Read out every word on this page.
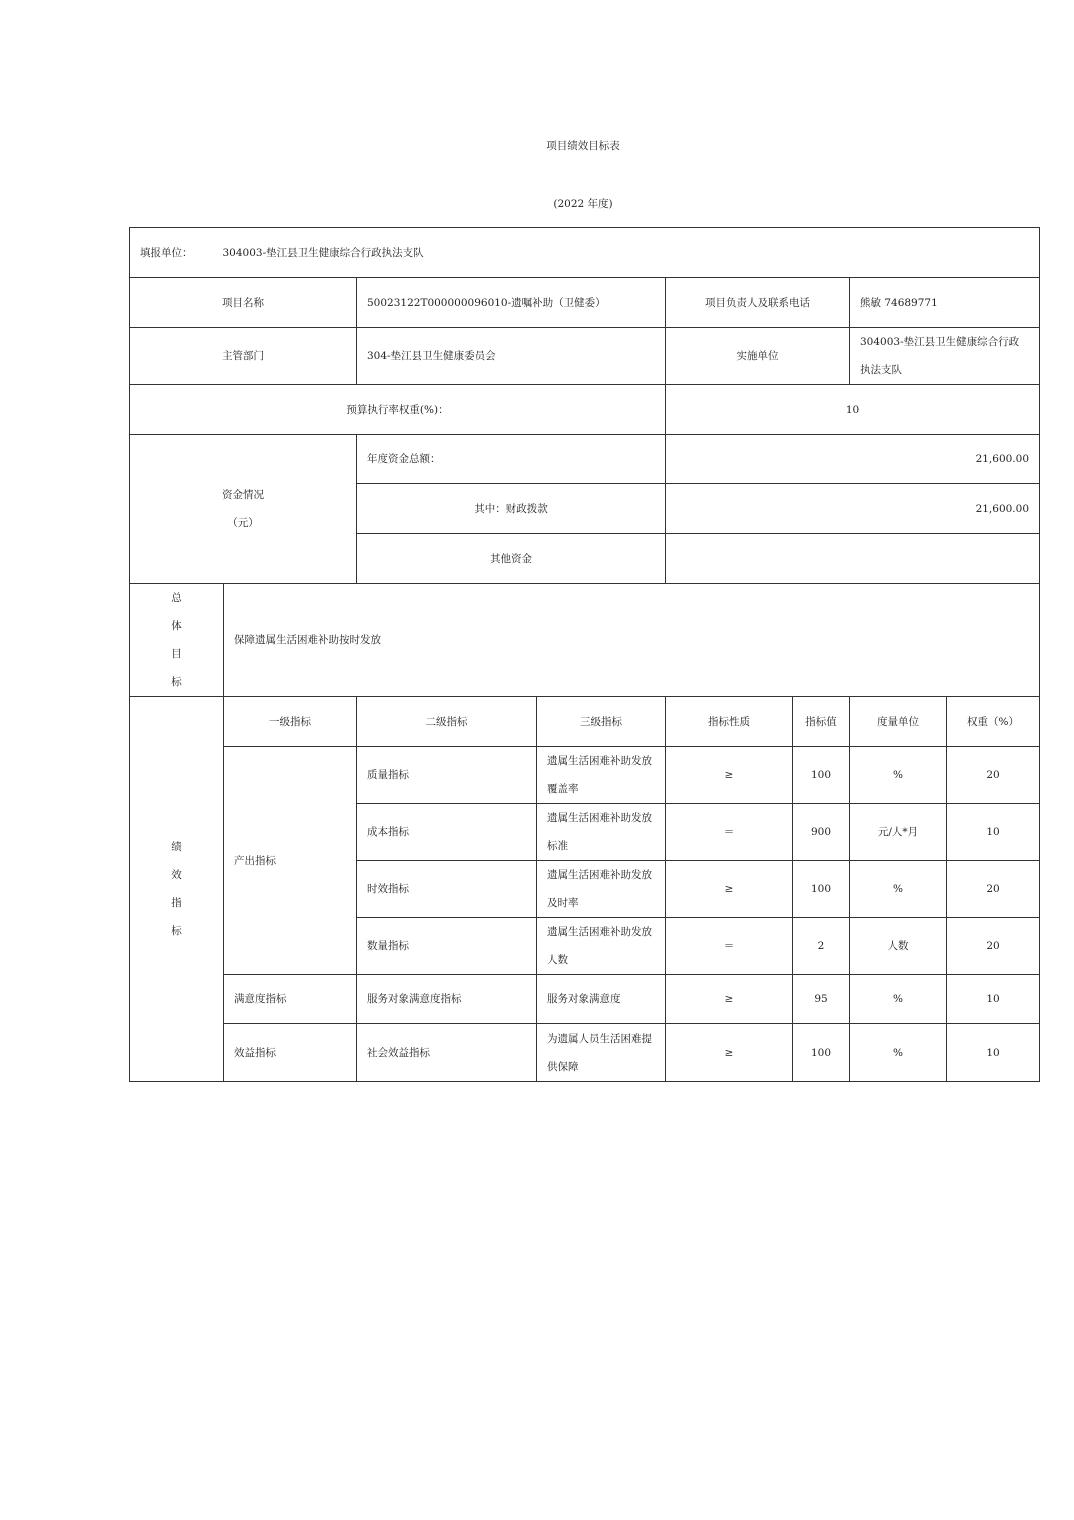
项目绩效目标表
(2022 年度)
填报单位： 304003-垫江县卫生健康综合行政执法支队							
项目名称		50023122T000000096010-遗嘱补助（卫健委）		项目负责人及联系电话		熊敏 74689771	
主管部门		304-垫江县卫生健康委员会		实施单位		304003-垫江县卫生健康综合行政执法支队	
预算执行率权重(%)：				10			

资金情况
（元）		年度资金总额：		21,600.00			
		其中：财政拨款		21,600.00			
		其他资金					

总
体
目
标	保障遗属生活困难补助按时发放						

绩
效
指
标	一级指标	二级指标	三级指标	指标性质	指标值	度量单位	权重（%）
	产出指标	质量指标	遗属生活困难补助发放覆盖率	≥	100	%	20
		成本指标	遗属生活困难补助发放标准	＝	900	元/人*月	10
		时效指标	遗属生活困难补助发放及时率	≥	100	%	20
		数量指标	遗属生活困难补助发放人数	＝	2	人数	20
	满意度指标	服务对象满意度指标	服务对象满意度	≥	95	%	10
	效益指标	社会效益指标	为遗属人员生活困难提供保障	≥	100	%	10
